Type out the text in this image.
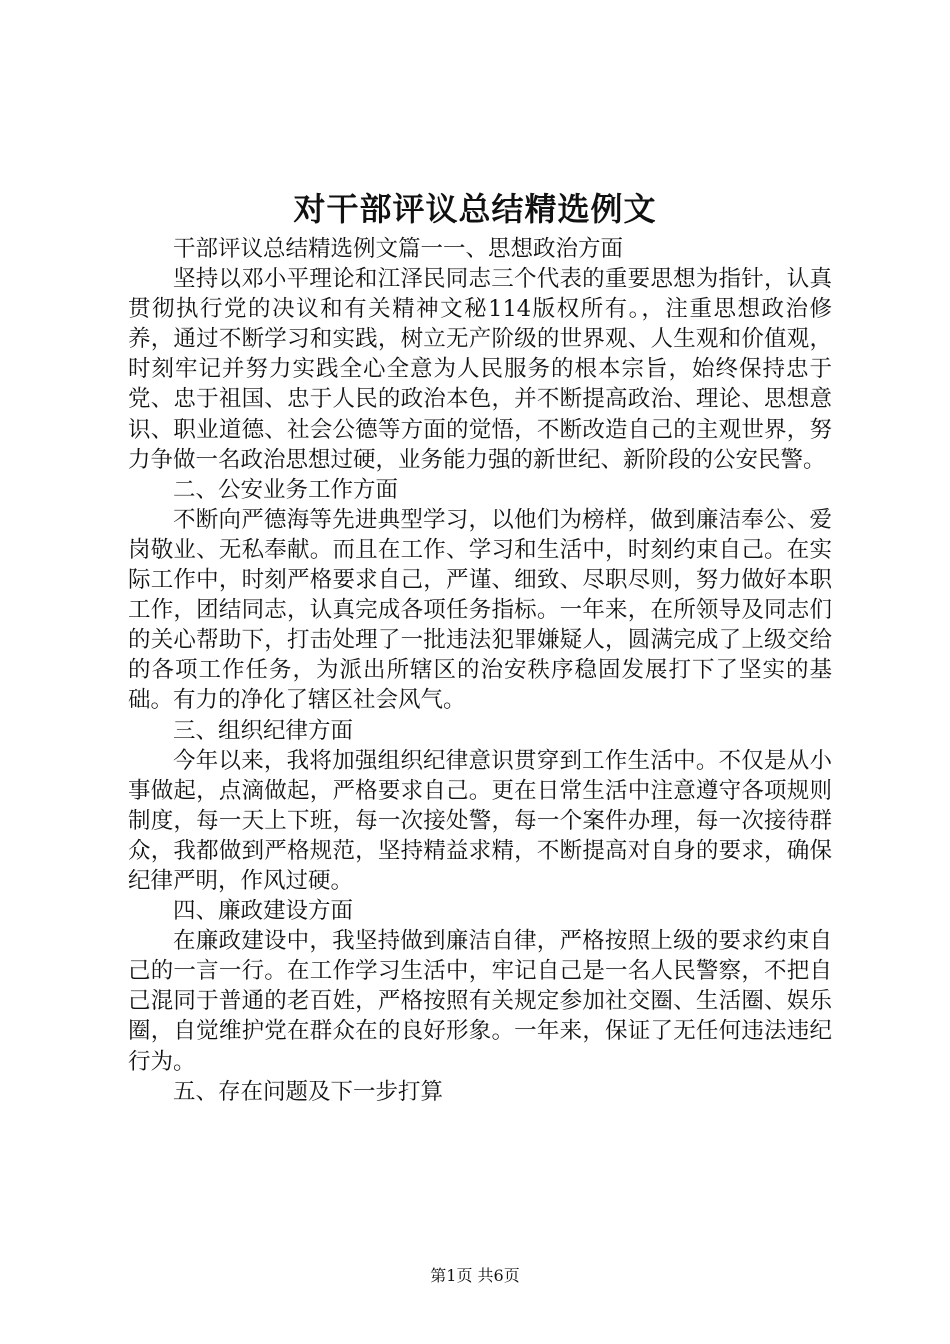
对干部评议总结精选例文

干部评议总结精选例文篇一一、思想政治方面

坚持以邓小平理论和江泽民同志三个代表的重要思想为指针，认真贯彻执行党的决议和有关精神文秘114版权所有。，注重思想政治修养，通过不断学习和实践，树立无产阶级的世界观、人生观和价值观，时刻牢记并努力实践全心全意为人民服务的根本宗旨，始终保持忠于党、忠于祖国、忠于人民的政治本色，并不断提高政治、理论、思想意识、职业道德、社会公德等方面的觉悟，不断改造自己的主观世界，努力争做一名政治思想过硬，业务能力强的新世纪、新阶段的公安民警。

二、公安业务工作方面

不断向严德海等先进典型学习，以他们为榜样，做到廉洁奉公、爱岗敬业、无私奉献。而且在工作、学习和生活中，时刻约束自己。在实际工作中，时刻严格要求自己，严谨、细致、尽职尽则，努力做好本职工作，团结同志，认真完成各项任务指标。一年来，在所领导及同志们的关心帮助下，打击处理了一批违法犯罪嫌疑人，圆满完成了上级交给的各项工作任务，为派出所辖区的治安秩序稳固发展打下了坚实的基础。有力的净化了辖区社会风气。

三、组织纪律方面

今年以来，我将加强组织纪律意识贯穿到工作生活中。不仅是从小事做起，点滴做起，严格要求自己。更在日常生活中注意遵守各项规则制度，每一天上下班，每一次接处警，每一个案件办理，每一次接待群众，我都做到严格规范，坚持精益求精，不断提高对自身的要求，确保纪律严明，作风过硬。

四、廉政建设方面

在廉政建设中，我坚持做到廉洁自律，严格按照上级的要求约束自己的一言一行。在工作学习生活中，牢记自己是一名人民警察，不把自己混同于普通的老百姓，严格按照有关规定参加社交圈、生活圈、娱乐圈，自觉维护党在群众在的良好形象。一年来，保证了无任何违法违纪行为。

五、存在问题及下一步打算

第1页 共6页
